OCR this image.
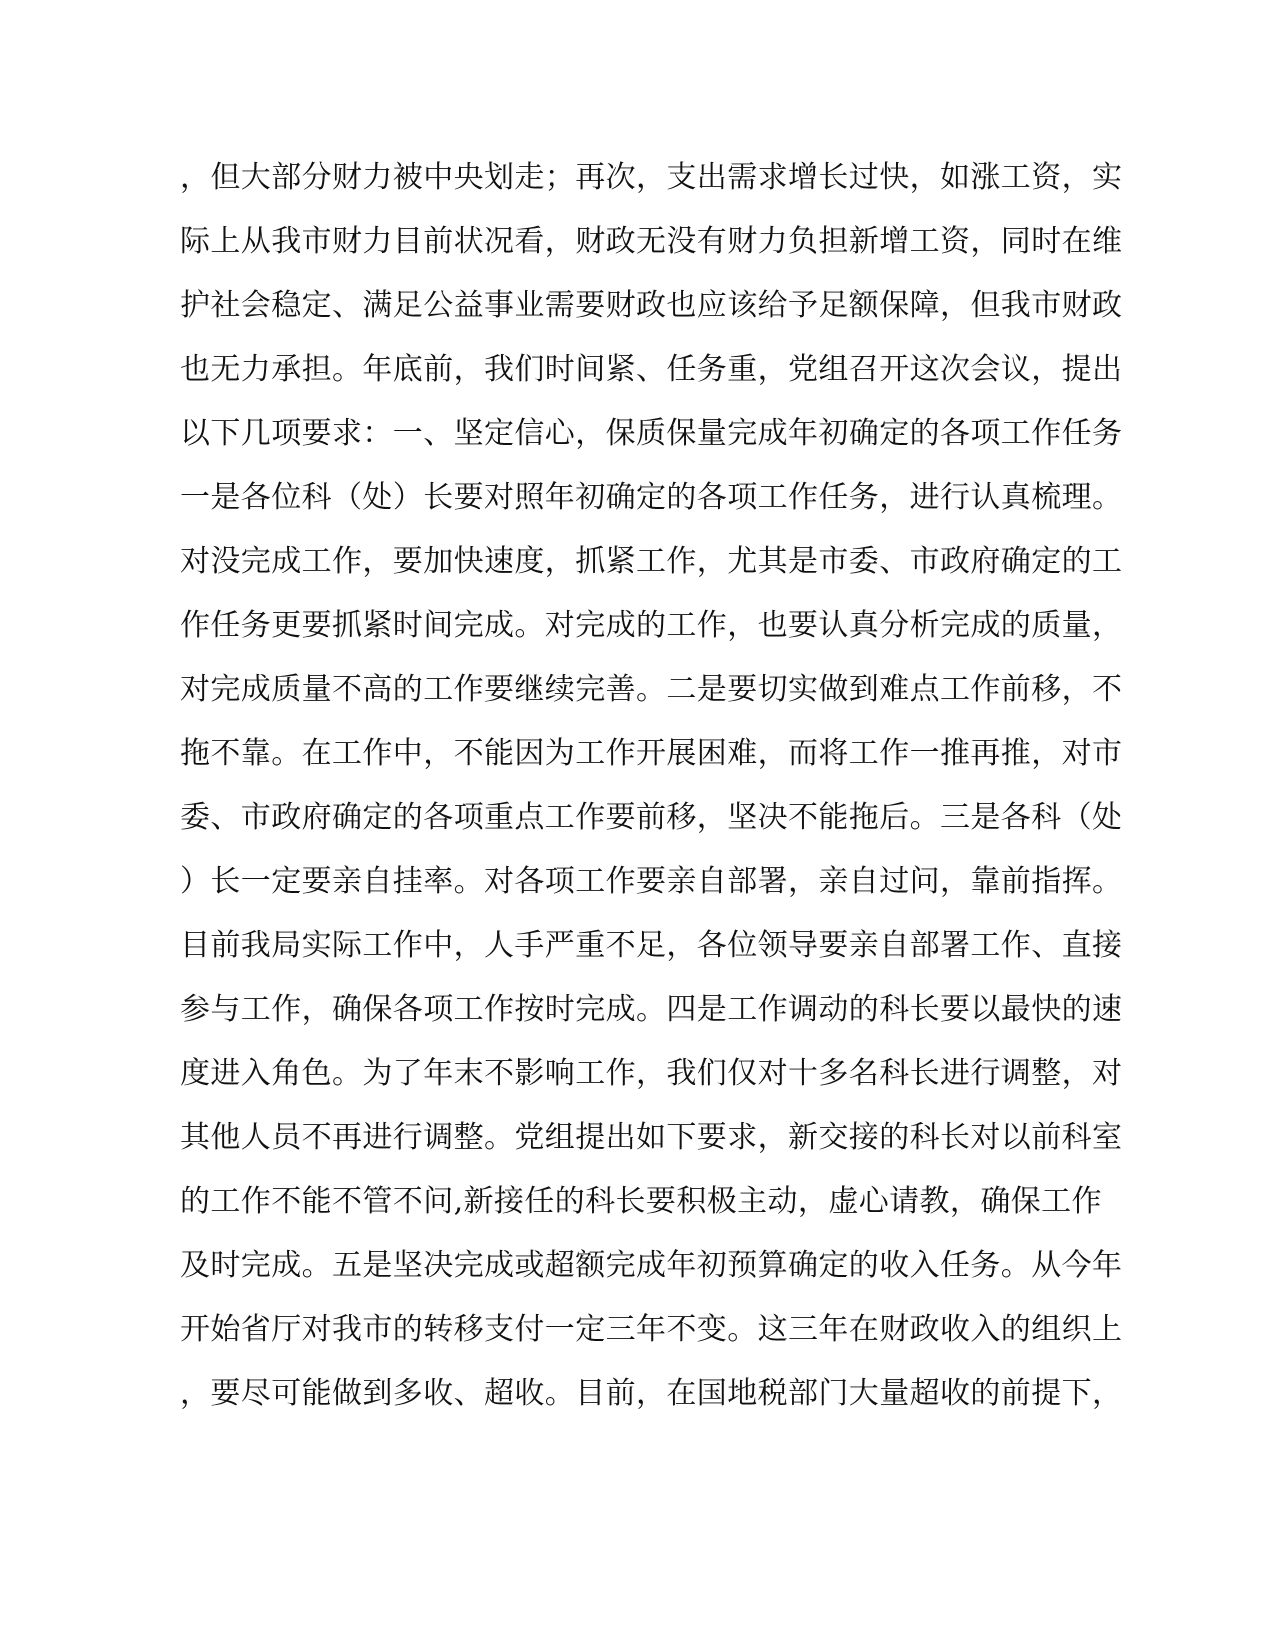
，但大部分财力被中央划走；再次，支出需求增长过快，如涨工资，实
际上从我市财力目前状况看，财政无没有财力负担新增工资，同时在维
护社会稳定、满足公益事业需要财政也应该给予足额保障，但我市财政
也无力承担。年底前，我们时间紧、任务重，党组召开这次会议，提出
以下几项要求：一、坚定信心，保质保量完成年初确定的各项工作任务
一是各位科（处）长要对照年初确定的各项工作任务，进行认真梳理。
对没完成工作，要加快速度，抓紧工作，尤其是市委、市政府确定的工
作任务更要抓紧时间完成。对完成的工作，也要认真分析完成的质量，
对完成质量不高的工作要继续完善。二是要切实做到难点工作前移，不
拖不靠。在工作中，不能因为工作开展困难，而将工作一推再推，对市
委、市政府确定的各项重点工作要前移，坚决不能拖后。三是各科（处
）长一定要亲自挂率。对各项工作要亲自部署，亲自过问，靠前指挥。
目前我局实际工作中，人手严重不足，各位领导要亲自部署工作、直接
参与工作，确保各项工作按时完成。四是工作调动的科长要以最快的速
度进入角色。为了年末不影响工作，我们仅对十多名科长进行调整，对
其他人员不再进行调整。党组提出如下要求，新交接的科长对以前科室
的工作不能不管不问,新接任的科长要积极主动，虚心请教，确保工作
及时完成。五是坚决完成或超额完成年初预算确定的收入任务。从今年
开始省厅对我市的转移支付一定三年不变。这三年在财政收入的组织上
，要尽可能做到多收、超收。目前，在国地税部门大量超收的前提下，
